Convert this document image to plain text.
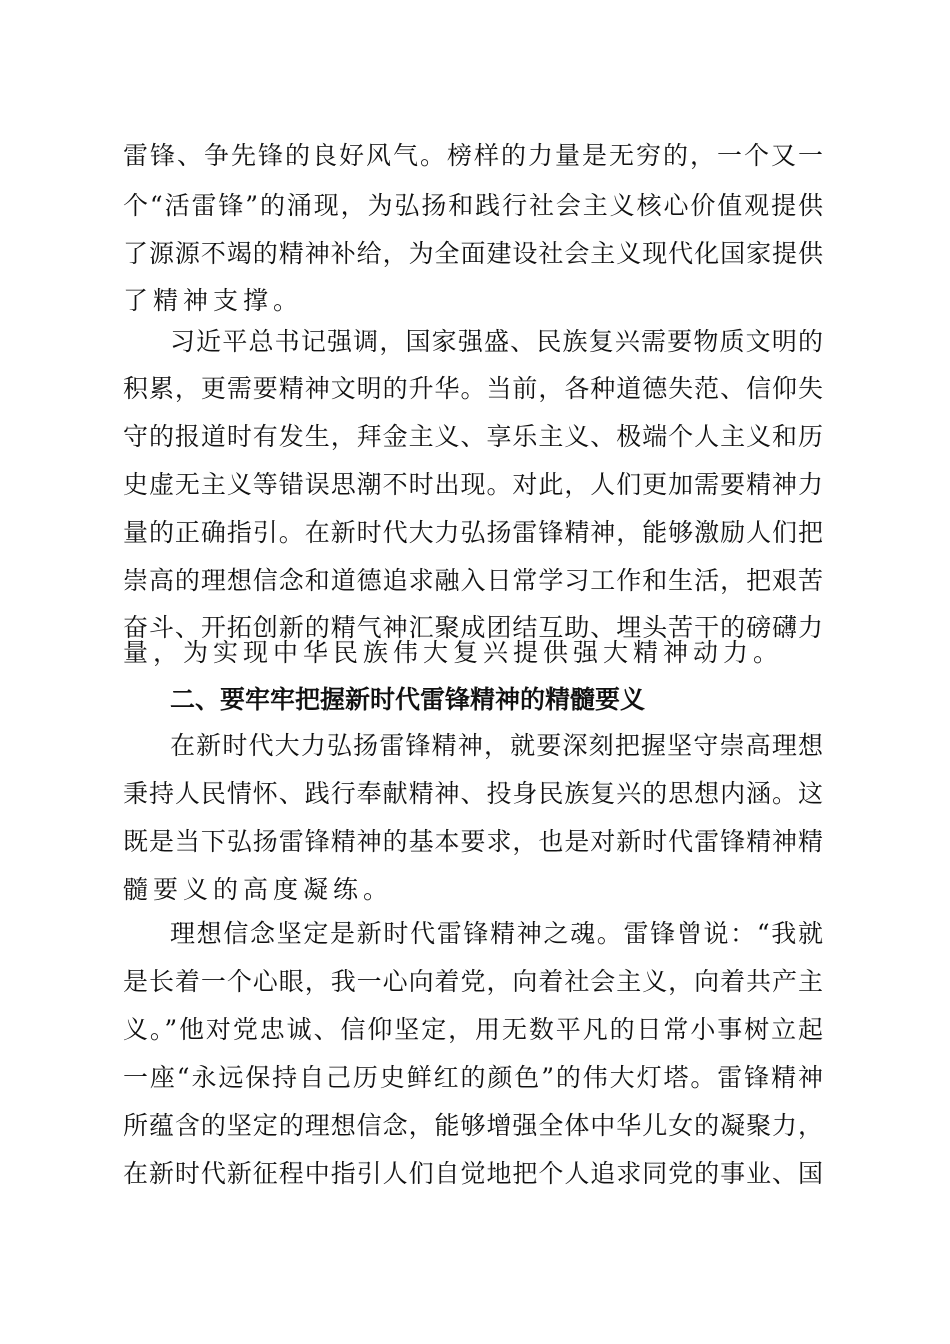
雷锋、争先锋的良好风气。榜样的力量是无穷的，一个又一
个“活雷锋”的涌现，为弘扬和践行社会主义核心价值观提供
了源源不竭的精神补给，为全面建设社会主义现代化国家提供
了精神支撑。
习近平总书记强调，国家强盛、民族复兴需要物质文明的
积累，更需要精神文明的升华。当前，各种道德失范、信仰失
守的报道时有发生，拜金主义、享乐主义、极端个人主义和历
史虚无主义等错误思潮不时出现。对此，人们更加需要精神力
量的正确指引。在新时代大力弘扬雷锋精神，能够激励人们把
崇高的理想信念和道德追求融入日常学习工作和生活，把艰苦
奋斗、开拓创新的精气神汇聚成团结互助、埋头苦干的磅礴力
量，为实现中华民族伟大复兴提供强大精神动力。
二、要牢牢把握新时代雷锋精神的精髓要义
在新时代大力弘扬雷锋精神，就要深刻把握坚守崇高理想
秉持人民情怀、践行奉献精神、投身民族复兴的思想内涵。这
既是当下弘扬雷锋精神的基本要求，也是对新时代雷锋精神精
髓要义的高度凝练。
理想信念坚定是新时代雷锋精神之魂。雷锋曾说：“我就
是长着一个心眼，我一心向着党，向着社会主义，向着共产主
义。”他对党忠诚、信仰坚定，用无数平凡的日常小事树立起
一座“永远保持自己历史鲜红的颜色”的伟大灯塔。雷锋精神
所蕴含的坚定的理想信念，能够增强全体中华儿女的凝聚力，
在新时代新征程中指引人们自觉地把个人追求同党的事业、国
